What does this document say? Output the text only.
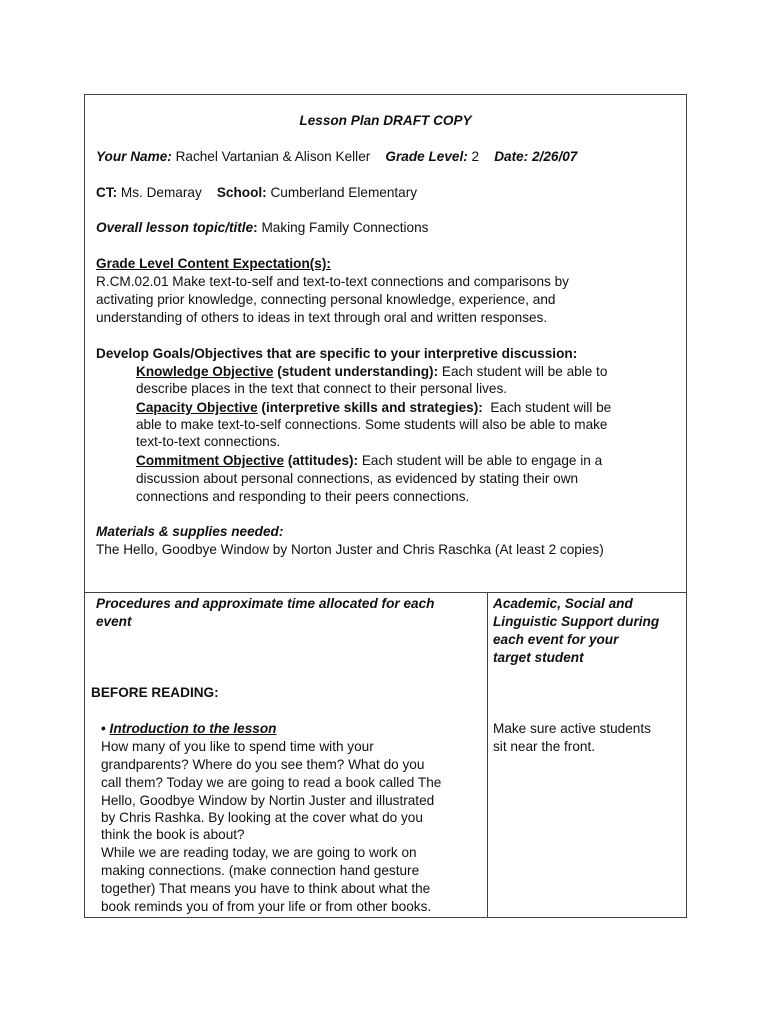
Lesson Plan DRAFT COPY
Your Name: Rachel Vartanian & Alison Keller Grade Level: 2 Date: 2/26/07
CT: Ms. Demaray School: Cumberland Elementary
Overall lesson topic/title: Making Family Connections
Grade Level Content Expectation(s):
R.CM.02.01 Make text-to-self and text-to-text connections and comparisons by
activating prior knowledge, connecting personal knowledge, experience, and
understanding of others to ideas in text through oral and written responses.
Develop Goals/Objectives that are specific to your interpretive discussion:
Knowledge Objective (student understanding): Each student will be able to
describe places in the text that connect to their personal lives.
Capacity Objective (interpretive skills and strategies): Each student will be
able to make text-to-self connections. Some students will also be able to make
text-to-text connections.
Commitment Objective (attitudes): Each student will be able to engage in a
discussion about personal connections, as evidenced by stating their own
connections and responding to their peers connections.
Materials & supplies needed:
The Hello, Goodbye Window by Norton Juster and Chris Raschka (At least 2 copies)
Procedures and approximate time allocated for each
event
BEFORE READING:
• Introduction to the lesson
How many of you like to spend time with your
grandparents? Where do you see them? What do you
call them? Today we are going to read a book called The
Hello, Goodbye Window by Nortin Juster and illustrated
by Chris Rashka. By looking at the cover what do you
think the book is about?
While we are reading today, we are going to work on
making connections. (make connection hand gesture
together) That means you have to think about what the
book reminds you of from your life or from other books.
Academic, Social and
Linguistic Support during
each event for your
target student
Make sure active students
sit near the front.
